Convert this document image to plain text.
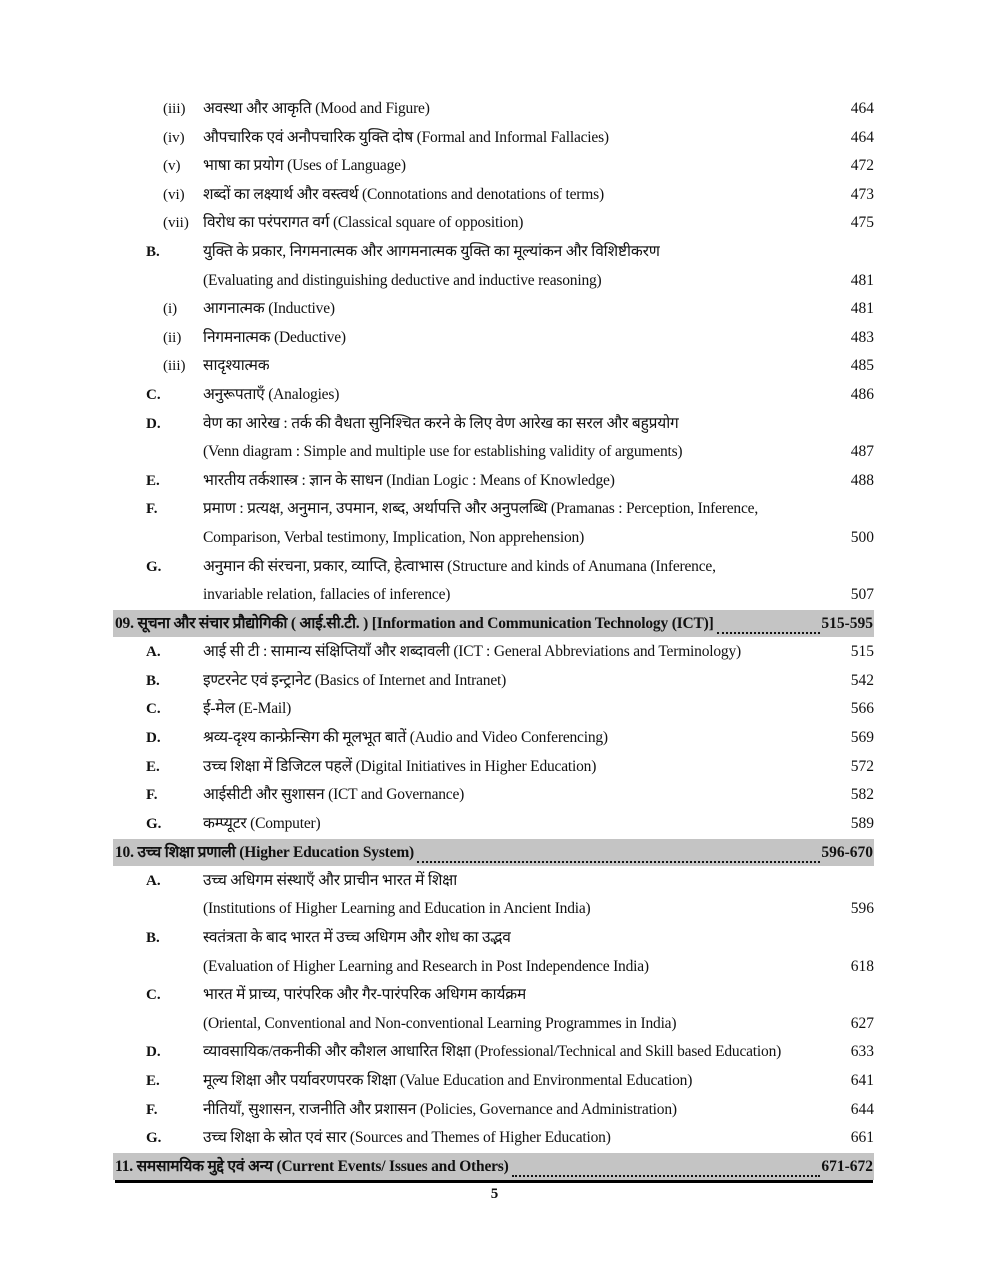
(iii)	अवस्था और आकृति (Mood and Figure)	464
(iv)	औपचारिक एवं अनौपचारिक युक्ति दोष (Formal and Informal Fallacies)	464
(v)	भाषा का प्रयोग (Uses of Language)	472
(vi)	शब्दों का लक्ष्यार्थ और वस्त्वर्थ (Connotations and denotations of terms)	473
(vii) विरोध का परंपरागत वर्ग (Classical square of opposition)	475
B.	युक्ति के प्रकार, निगमनात्मक और आगमनात्मक युक्ति का मूल्यांकन और विशिष्टीकरण
(Evaluating and distinguishing deductive and inductive reasoning)	481
(i)	आगनात्मक (Inductive)	481
(ii)	निगमनात्मक (Deductive)	483
(iii)	सादृश्यात्मक	485
C.	अनुरूपताएँ (Analogies)	486
D.	वेण का आरेख : तर्क की वैधता सुनिश्चित करने के लिए वेण आरेख का सरल और बहुप्रयोग
(Venn diagram : Simple and multiple use for establishing validity of arguments)	487
E.	भारतीय तर्कशास्त्र : ज्ञान के साधन (Indian Logic : Means of Knowledge)	488
F.	प्रमाण : प्रत्यक्ष, अनुमान, उपमान, शब्द, अर्थापत्ति और अनुपलब्धि (Pramanas : Perception, Inference,
Comparison, Verbal testimony, Implication, Non apprehension)	500
G.	अनुमान की संरचना, प्रकार, व्याप्ति, हेत्वाभास (Structure and kinds of Anumana (Inference,
invariable relation, fallacies of inference)	507
09. सूचना और संचार प्रौद्योगिकी ( आई.सी.टी. ) [Information and Communication Technology (ICT)]	515-595
A.	आई सी टी : सामान्य संक्षिप्तियाँ और शब्दावली (ICT : General Abbreviations and Terminology)	515
B.	इण्टरनेट एवं इन्ट्रानेट (Basics of Internet and Intranet)	542
C.	ई-मेल (E-Mail)	566
D.	श्रव्य-दृश्य कान्फ्रेन्सिग की मूलभूत बातें (Audio and Video Conferencing)	569
E.	उच्च शिक्षा में डिजिटल पहलें (Digital Initiatives in Higher Education)	572
F.	आईसीटी और सुशासन (ICT and Governance)	582
G.	कम्प्यूटर (Computer)	589
10. उच्च शिक्षा प्रणाली (Higher Education System)	596-670
A.	उच्च अधिगम संस्थाएँ और प्राचीन भारत में शिक्षा
(Institutions of Higher Learning and Education in Ancient India)	596
B.	स्वतंत्रता के बाद भारत में उच्च अधिगम और शोध का उद्भव
(Evaluation of Higher Learning and Research in Post Independence India)	618
C.	भारत में प्राच्य, पारंपरिक और गैर-पारंपरिक अधिगम कार्यक्रम
(Oriental, Conventional and Non-conventional Learning Programmes in India)	627
D.	व्यावसायिक/तकनीकी और कौशल आधारित शिक्षा (Professional/Technical and Skill based Education)	633
E.	मूल्य शिक्षा और पर्यावरणपरक शिक्षा (Value Education and Environmental Education)	641
F.	नीतियाँ, सुशासन, राजनीति और प्रशासन (Policies, Governance and Administration)	644
G.	उच्च शिक्षा के स्रोत एवं सार (Sources and Themes of Higher Education)	661
11. समसामयिक मुद्दे एवं अन्य (Current Events/ Issues and Others)	671-672
5
